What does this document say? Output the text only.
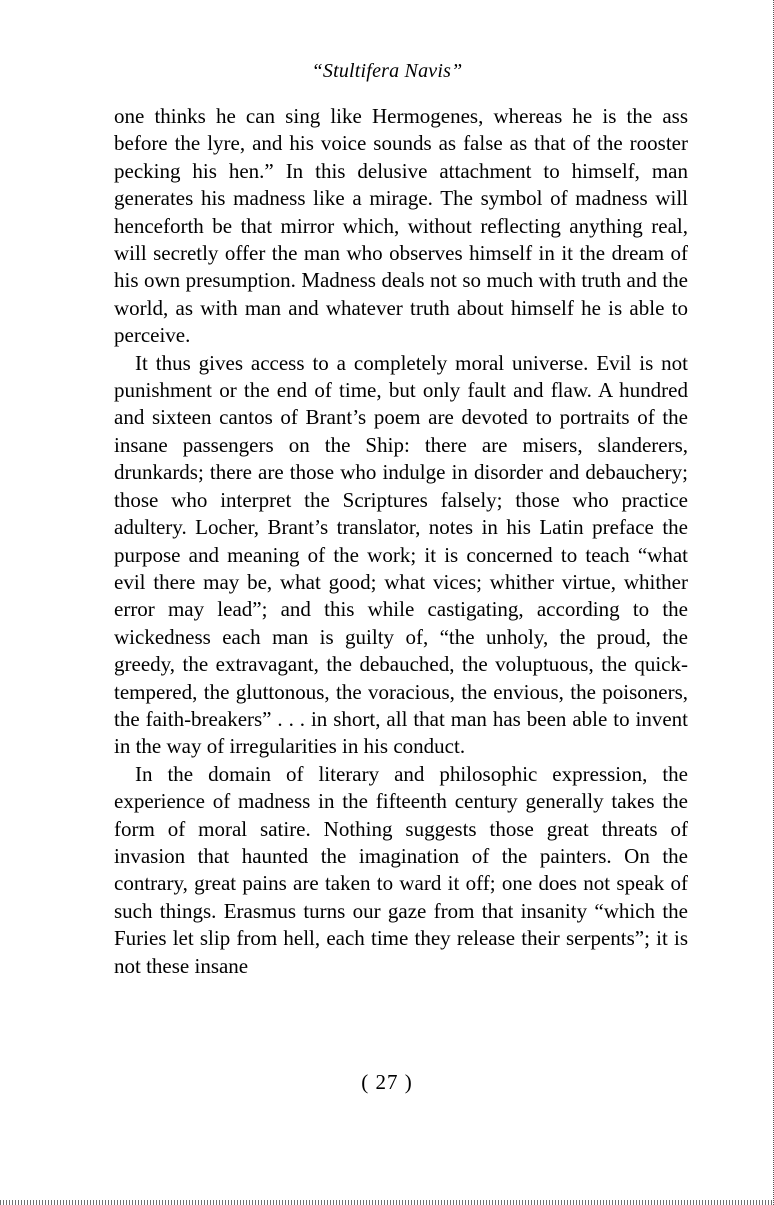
“Stultifera Navis”

one thinks he can sing like Hermogenes, whereas he is the ass before the lyre, and his voice sounds as false as that of the rooster pecking his hen.” In this delusive attachment to himself, man generates his madness like a mirage. The symbol of madness will henceforth be that mirror which, without reflecting anything real, will secretly offer the man who observes himself in it the dream of his own presumption. Madness deals not so much with truth and the world, as with man and whatever truth about himself he is able to perceive.

It thus gives access to a completely moral universe. Evil is not punishment or the end of time, but only fault and flaw. A hundred and sixteen cantos of Brant’s poem are devoted to portraits of the insane passengers on the Ship: there are misers, slanderers, drunkards; there are those who indulge in disorder and debauchery; those who interpret the Scriptures falsely; those who practice adultery. Locher, Brant’s translator, notes in his Latin preface the purpose and meaning of the work; it is concerned to teach “what evil there may be, what good; what vices; whither virtue, whither error may lead”; and this while castigating, according to the wickedness each man is guilty of, “the unholy, the proud, the greedy, the extravagant, the debauched, the voluptuous, the quick-tempered, the gluttonous, the voracious, the envious, the poisoners, the faith-breakers” . . . in short, all that man has been able to invent in the way of irregularities in his conduct.

In the domain of literary and philosophic expression, the experience of madness in the fifteenth century generally takes the form of moral satire. Nothing suggests those great threats of invasion that haunted the imagination of the painters. On the contrary, great pains are taken to ward it off; one does not speak of such things. Erasmus turns our gaze from that insanity “which the Furies let slip from hell, each time they release their serpents”; it is not these insane

( 27 )
